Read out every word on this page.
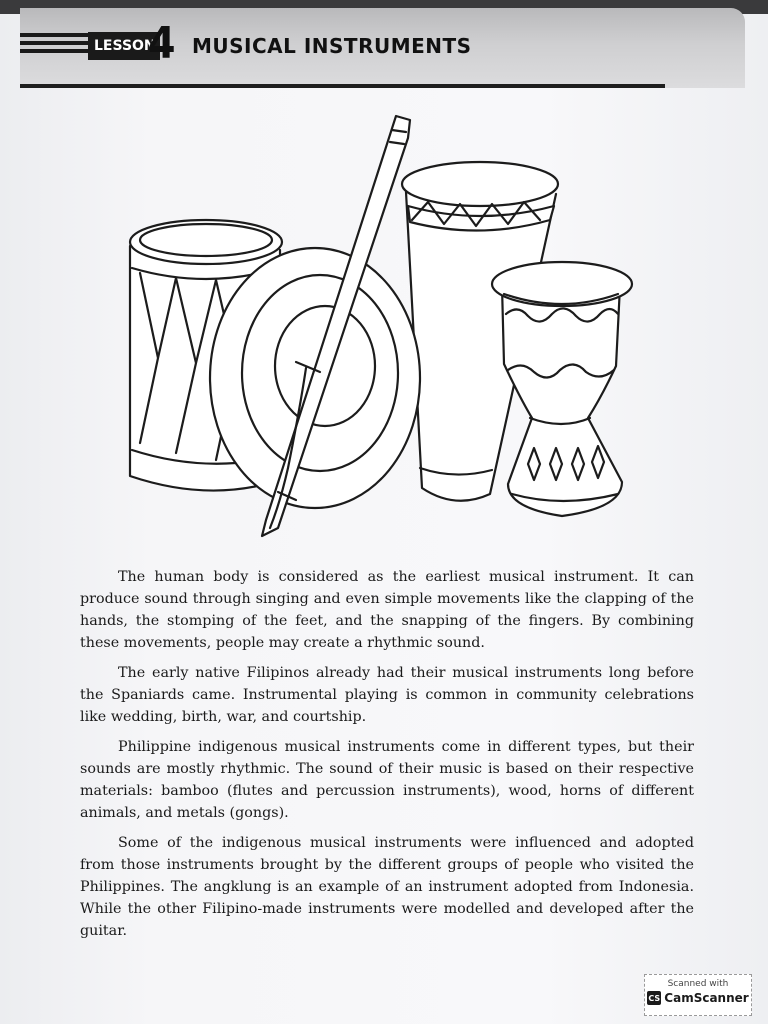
LESSON
4 MUSICAL INSTRUMENTS

The human body is considered as the earliest musical instrument. It can produce sound through singing and even simple movements like the clapping of the hands, the stomping of the feet, and the snapping of the fingers. By combining these movements, people may create a rhythmic sound.

The early native Filipinos already had their musical instruments long before the Spaniards came. Instrumental playing is common in community celebrations like wedding, birth, war, and courtship.

Philippine indigenous musical instruments come in different types, but their sounds are mostly rhythmic. The sound of their music is based on their respective materials: bamboo (flutes and percussion instruments), wood, horns of different animals, and metals (gongs).

Some of the indigenous musical instruments were influenced and adopted from those instruments brought by the different groups of people who visited the Philippines. The angklung is an example of an instrument adopted from Indonesia. While the other Filipino-made instruments were modelled and developed after the guitar.

Scanned with
CS CamScanner
